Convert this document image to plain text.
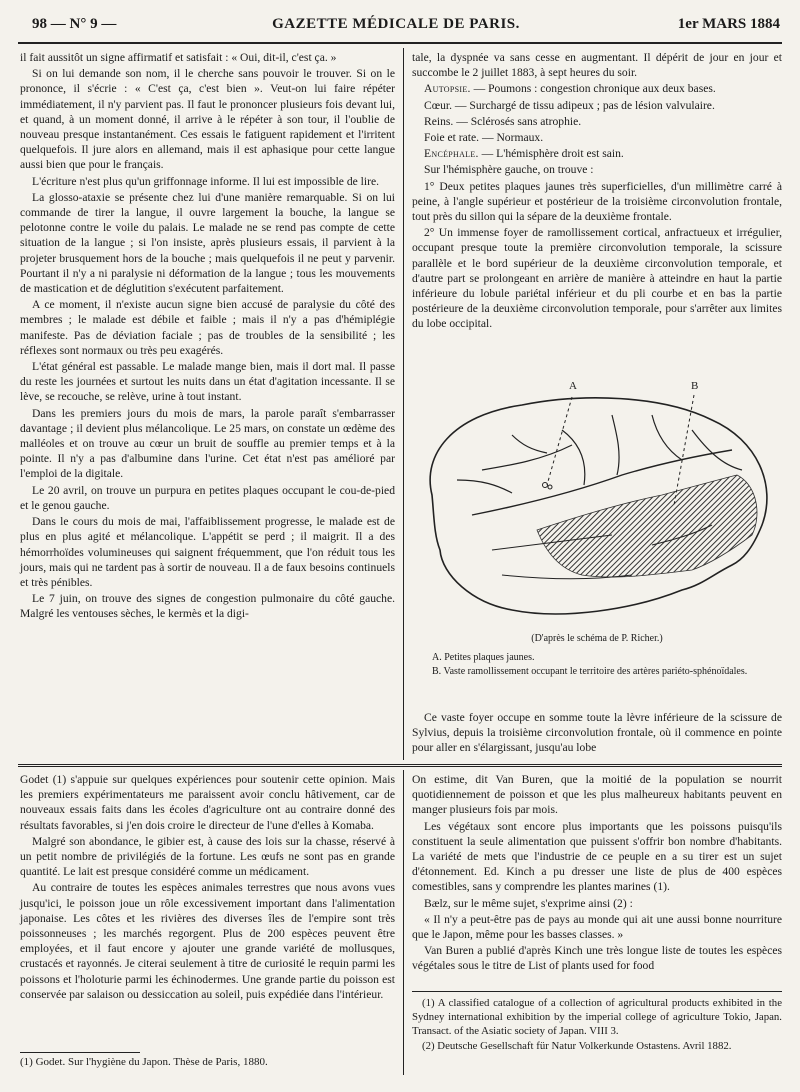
98 — N° 9 —	GAZETTE MÉDICALE DE PARIS.	1er MARS 1884

il fait aussitôt un signe affirmatif et satisfait : « Oui, dit-il, c'est ça. »

Si on lui demande son nom, il le cherche sans pouvoir le trouver. Si on le prononce, il s'écrie : « C'est ça, c'est bien ». Veut-on lui faire répéter immédiatement, il n'y parvient pas. Il faut le prononcer plusieurs fois devant lui, et quand, à un moment donné, il arrive à le répéter à son tour, il l'oublie de nouveau presque instantanément. Ces essais le fatiguent rapidement et l'irritent quelquefois. Il jure alors en allemand, mais il est aphasique pour cette langue aussi bien que pour le français.

L'écriture n'est plus qu'un griffonnage informe. Il lui est impossible de lire.

La glosso-ataxie se présente chez lui d'une manière remarquable. Si on lui commande de tirer la langue, il ouvre largement la bouche, la langue se pelotonne contre le voile du palais. Le malade ne se rend pas compte de cette situation de la langue ; si l'on insiste, après plusieurs essais, il parvient à la projeter brusquement hors de la bouche ; mais quelquefois il ne peut y parvenir. Pourtant il n'y a ni paralysie ni déformation de la langue ; tous les mouvements de mastication et de déglutition s'exécutent parfaitement.

A ce moment, il n'existe aucun signe bien accusé de paralysie du côté des membres ; le malade est débile et faible ; mais il n'y a pas d'hémiplégie manifeste. Pas de déviation faciale ; pas de troubles de la sensibilité ; les réflexes sont normaux ou très peu exagérés.

L'état général est passable. Le malade mange bien, mais il dort mal. Il passe du reste les journées et surtout les nuits dans un état d'agitation incessante. Il se lève, se recouche, se relève, urine à tout instant.

Dans les premiers jours du mois de mars, la parole paraît s'embarrasser davantage ; il devient plus mélancolique. Le 25 mars, on constate un œdème des malléoles et on trouve au cœur un bruit de souffle au premier temps et à la pointe. Il n'y a pas d'albumine dans l'urine. Cet état n'est pas amélioré par l'emploi de la digitale.

Le 20 avril, on trouve un purpura en petites plaques occupant le cou-de-pied et le genou gauche.

Dans le cours du mois de mai, l'affaiblissement progresse, le malade est de plus en plus agité et mélancolique. L'appétit se perd ; il maigrit. Il a des hémorrhoïdes volumineuses qui saignent fréquemment, que l'on réduit tous les jours, mais qui ne tardent pas à sortir de nouveau. Il a de faux besoins continuels et très pénibles.

Le 7 juin, on trouve des signes de congestion pulmonaire du côté gauche. Malgré les ventouses sèches, le kermès et la digi-

tale, la dyspnée va sans cesse en augmentant. Il dépérit de jour en jour et succombe le 2 juillet 1883, à sept heures du soir.

Autopsie. — Poumons : congestion chronique aux deux bases.

Cœur. — Surchargé de tissu adipeux ; pas de lésion valvulaire.

Reins. — Sclérosés sans atrophie.

Foie et rate. — Normaux.

Encéphale. — L'hémisphère droit est sain.

Sur l'hémisphère gauche, on trouve :

1° Deux petites plaques jaunes très superficielles, d'un millimètre carré à peine, à l'angle supérieur et postérieur de la troisième circonvolution frontale, tout près du sillon qui la sépare de la deuxième frontale.

2° Un immense foyer de ramollissement cortical, anfractueux et irrégulier, occupant presque toute la première circonvolution temporale, la scissure parallèle et le bord supérieur de la deuxième circonvolution temporale, et d'autre part se prolongeant en arrière de manière à atteindre en haut la partie inférieure du lobule pariétal inférieur et du pli courbe et en bas la partie postérieure de la deuxième circonvolution temporale, pour s'arrêter aux limites du lobe occipital.

A	B
(D'après le schéma de P. Richer.)
A. Petites plaques jaunes.
B. Vaste ramollissement occupant le territoire des artères pariéto-sphénoïdales.

Ce vaste foyer occupe en somme toute la lèvre inférieure de la scissure de Sylvius, depuis la troisième circonvolution frontale, où il commence en pointe pour aller en s'élargissant, jusqu'au lobe

Godet (1) s'appuie sur quelques expériences pour soutenir cette opinion. Mais les premiers expérimentateurs me paraissent avoir conclu hâtivement, car de nouveaux essais faits dans les écoles d'agriculture ont au contraire donné des résultats favorables, si j'en dois croire le directeur de l'une d'elles à Komaba.

Malgré son abondance, le gibier est, à cause des lois sur la chasse, réservé à un petit nombre de privilégiés de la fortune. Les œufs ne sont pas en grande quantité. Le lait est presque considéré comme un médicament.

Au contraire de toutes les espèces animales terrestres que nous avons vues jusqu'ici, le poisson joue un rôle excessivement important dans l'alimentation japonaise. Les côtes et les rivières des diverses îles de l'empire sont très poissonneuses ; les marchés regorgent. Plus de 200 espèces peuvent être employées, et il faut encore y ajouter une grande variété de mollusques, crustacés et rayonnés. Je citerai seulement à titre de curiosité le requin parmi les poissons et l'holoturie parmi les échinodermes. Une grande partie du poisson est conservée par salaison ou dessiccation au soleil, puis expédiée dans l'intérieur.

(1) Godet. Sur l'hygiène du Japon. Thèse de Paris, 1880.

On estime, dit Van Buren, que la moitié de la population se nourrit quotidiennement de poisson et que les plus malheureux habitants peuvent en manger plusieurs fois par mois.

Les végétaux sont encore plus importants que les poissons puisqu'ils constituent la seule alimentation que puissent s'offrir bon nombre d'habitants. La variété de mets que l'industrie de ce peuple en a su tirer est un sujet d'étonnement. Ed. Kinch a pu dresser une liste de plus de 400 espèces comestibles, sans y comprendre les plantes marines (1).

Bælz, sur le même sujet, s'exprime ainsi (2) :

« Il n'y a peut-être pas de pays au monde qui ait une aussi bonne nourriture que le Japon, même pour les basses classes. »

Van Buren a publié d'après Kinch une très longue liste de toutes les espèces végétales sous le titre de List of plants used for food

(1) A classified catalogue of a collection of agricultural products exhibited in the Sydney international exhibition by the imperial college of agriculture Tokio, Japan. Transact. of the Asiatic society of Japan. VIII 3.

(2) Deutsche Gesellschaft für Natur Volkerkunde Ostastens. Avril 1882.
